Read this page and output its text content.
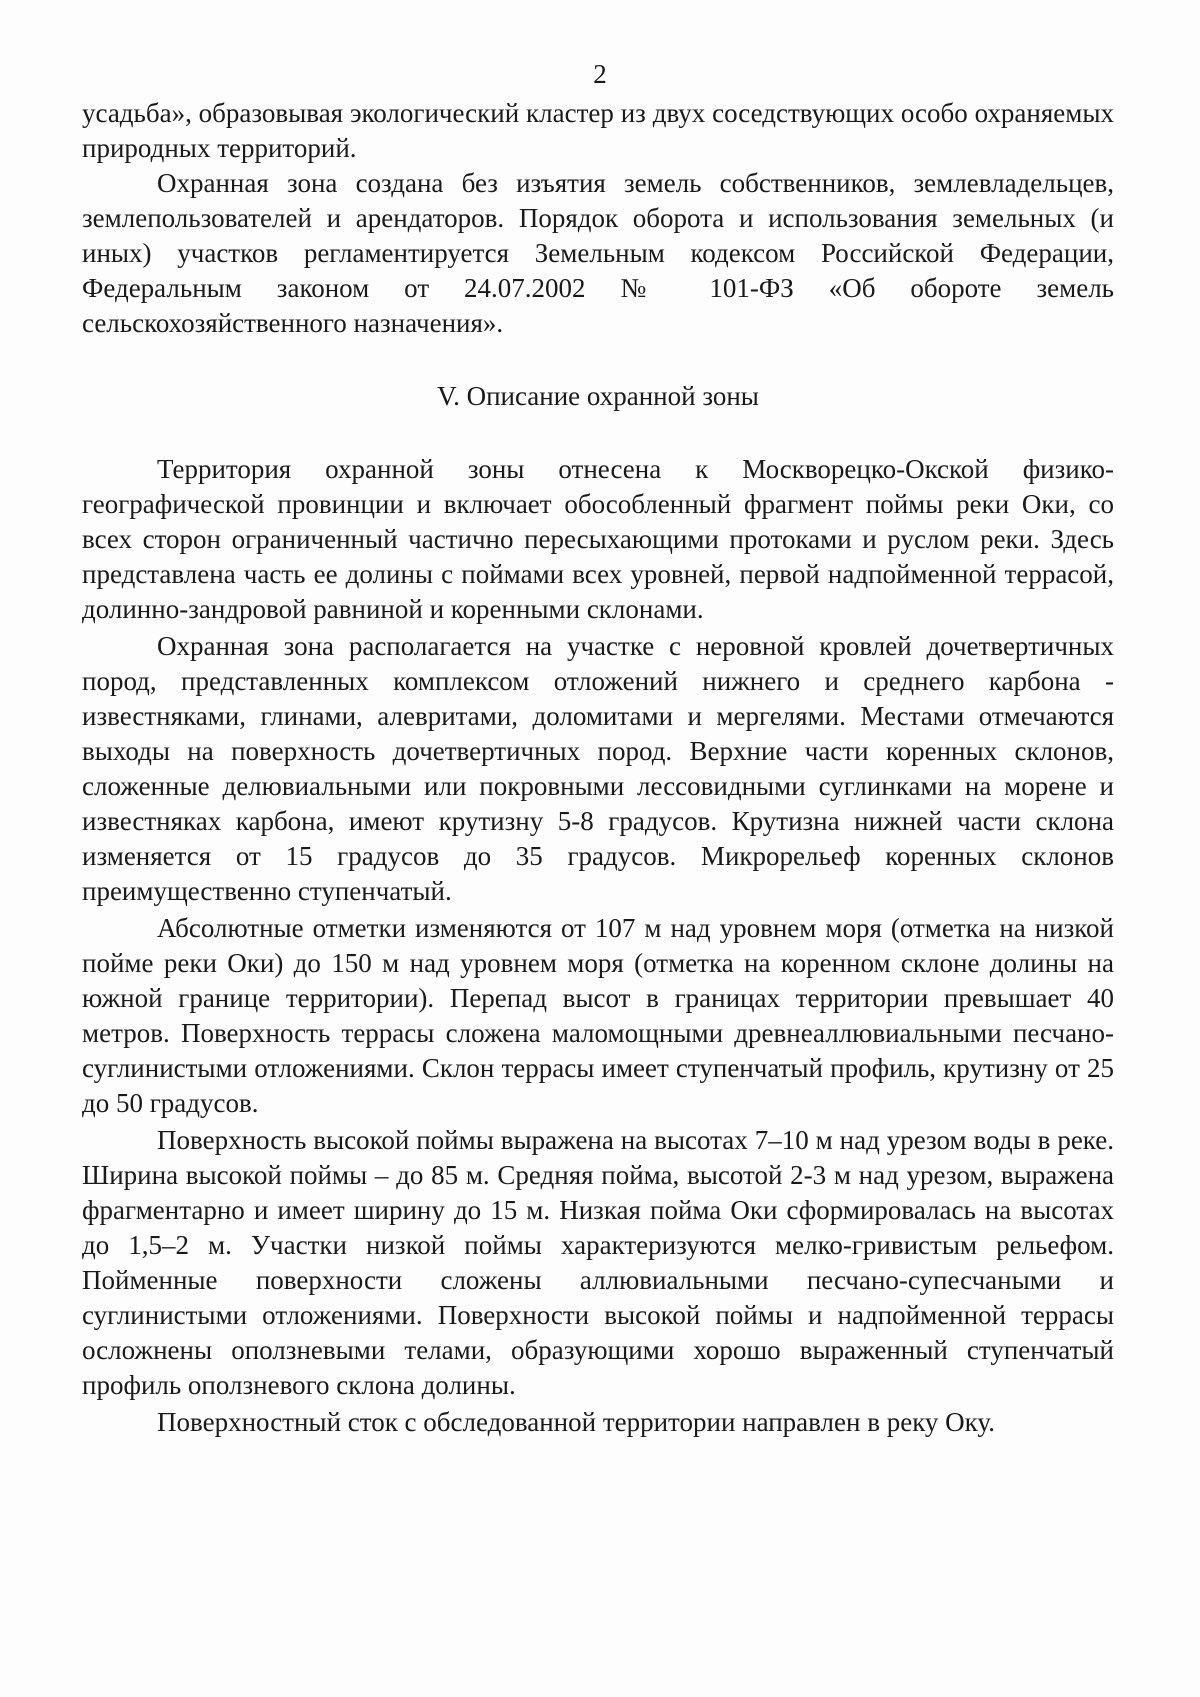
2

усадьба», образовывая экологический кластер из двух соседствующих особо охраняемых природных территорий.

Охранная зона создана без изъятия земель собственников, землевладельцев, землепользователей и арендаторов. Порядок оборота и использования земельных (и иных) участков регламентируется Земельным кодексом Российской Федерации, Федеральным законом от 24.07.2002 № 101-ФЗ «Об обороте земель сельскохозяйственного назначения».

V. Описание охранной зоны

Территория охранной зоны отнесена к Москворецко-Окской физико-географической провинции и включает обособленный фрагмент поймы реки Оки, со всех сторон ограниченный частично пересыхающими протоками и руслом реки. Здесь представлена часть ее долины с поймами всех уровней, первой надпойменной террасой, долинно-зандровой равниной и коренными склонами.

Охранная зона располагается на участке с неровной кровлей дочетвертичных пород, представленных комплексом отложений нижнего и среднего карбона - известняками, глинами, алевритами, доломитами и мергелями. Местами отмечаются выходы на поверхность дочетвертичных пород. Верхние части коренных склонов, сложенные делювиальными или покровными лессовидными суглинками на морене и известняках карбона, имеют крутизну 5-8 градусов. Крутизна нижней части склона изменяется от 15 градусов до 35 градусов. Микрорельеф коренных склонов преимущественно ступенчатый.

Абсолютные отметки изменяются от 107 м над уровнем моря (отметка на низкой пойме реки Оки) до 150 м над уровнем моря (отметка на коренном склоне долины на южной границе территории). Перепад высот в границах территории превышает 40 метров. Поверхность террасы сложена маломощными древнеаллювиальными песчано-суглинистыми отложениями. Склон террасы имеет ступенчатый профиль, крутизну от 25 до 50 градусов.

Поверхность высокой поймы выражена на высотах 7–10 м над урезом воды в реке. Ширина высокой поймы – до 85 м. Средняя пойма, высотой 2-3 м над урезом, выражена фрагментарно и имеет ширину до 15 м. Низкая пойма Оки сформировалась на высотах до 1,5–2 м. Участки низкой поймы характеризуются мелко-гривистым рельефом. Пойменные поверхности сложены аллювиальными песчано-супесчаными и суглинистыми отложениями. Поверхности высокой поймы и надпойменной террасы осложнены оползневыми телами, образующими хорошо выраженный ступенчатый профиль оползневого склона долины.

Поверхностный сток с обследованной территории направлен в реку Оку.
